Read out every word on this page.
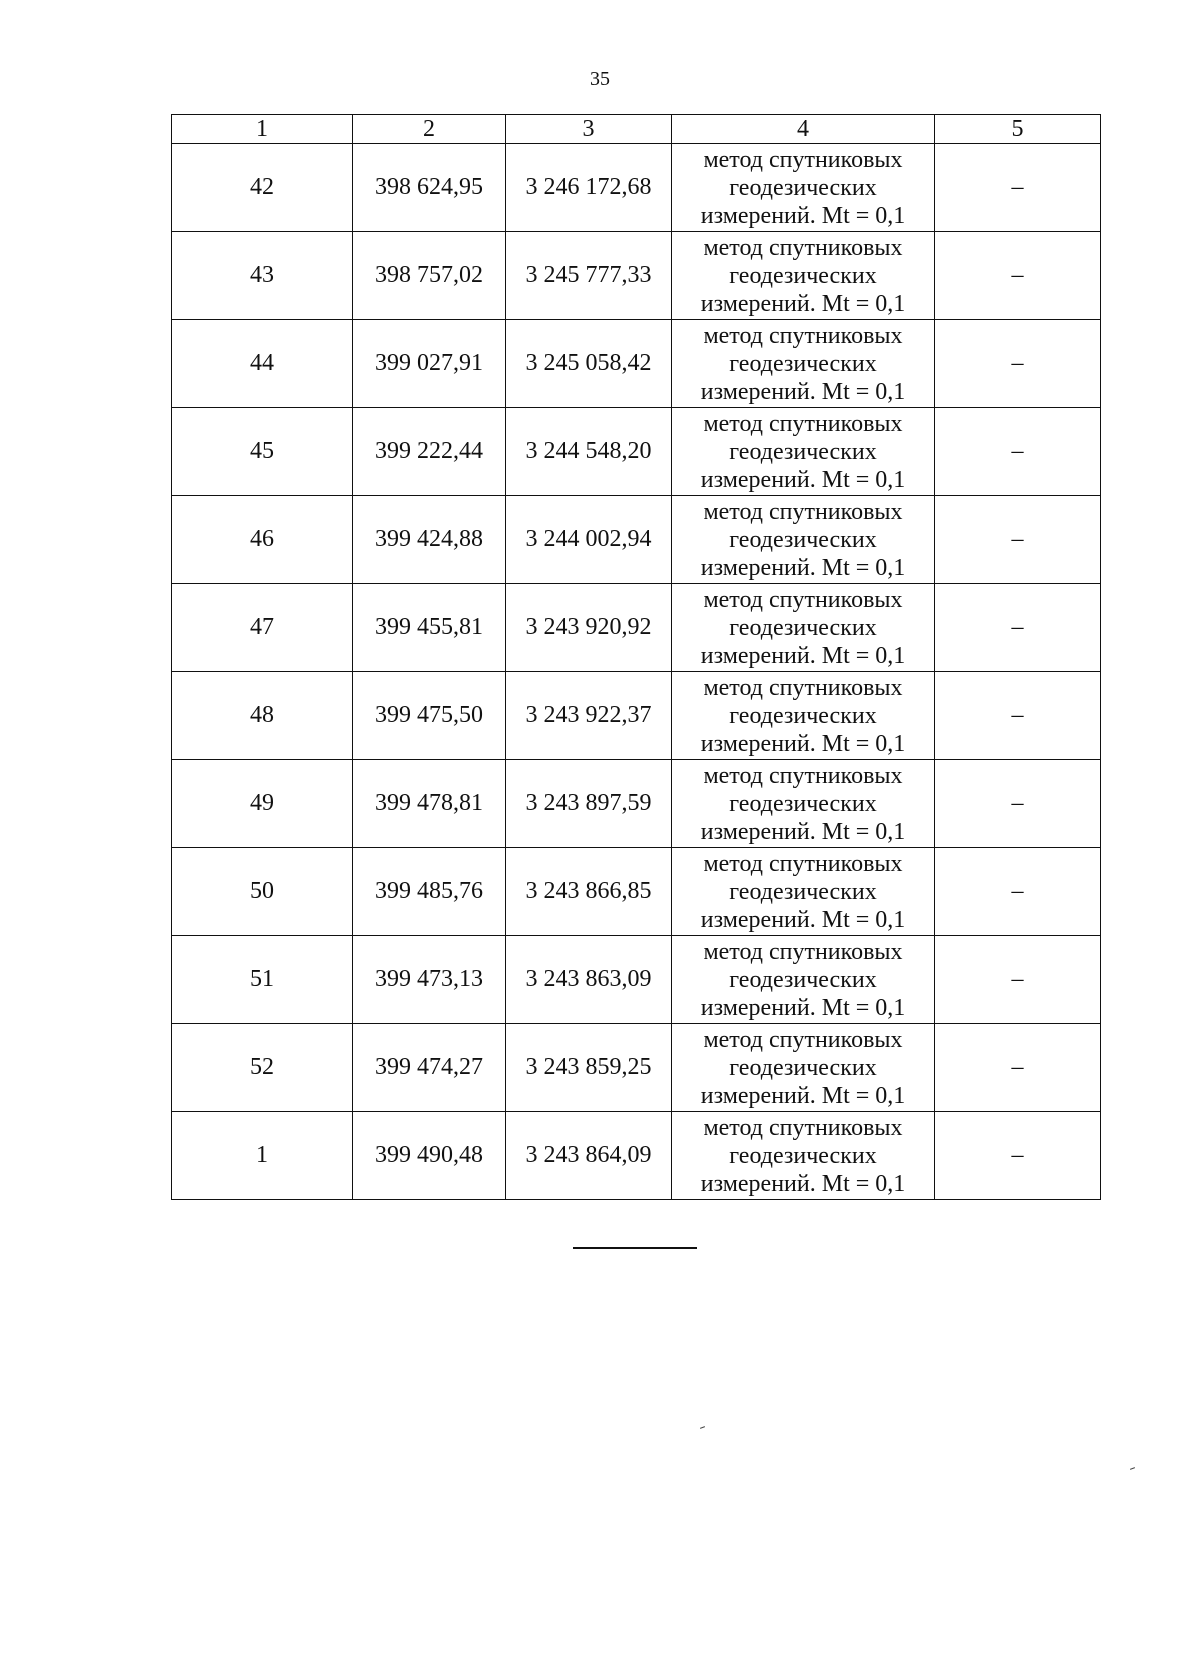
35
1	2	3	4	5
42	398 624,95	3 246 172,68	метод спутниковых геодезических измерений. Mt = 0,1	–
43	398 757,02	3 245 777,33	метод спутниковых геодезических измерений. Mt = 0,1	–
44	399 027,91	3 245 058,42	метод спутниковых геодезических измерений. Mt = 0,1	–
45	399 222,44	3 244 548,20	метод спутниковых геодезических измерений. Mt = 0,1	–
46	399 424,88	3 244 002,94	метод спутниковых геодезических измерений. Mt = 0,1	–
47	399 455,81	3 243 920,92	метод спутниковых геодезических измерений. Mt = 0,1	–
48	399 475,50	3 243 922,37	метод спутниковых геодезических измерений. Mt = 0,1	–
49	399 478,81	3 243 897,59	метод спутниковых геодезических измерений. Mt = 0,1	–
50	399 485,76	3 243 866,85	метод спутниковых геодезических измерений. Mt = 0,1	–
51	399 473,13	3 243 863,09	метод спутниковых геодезических измерений. Mt = 0,1	–
52	399 474,27	3 243 859,25	метод спутниковых геодезических измерений. Mt = 0,1	–
1	399 490,48	3 243 864,09	метод спутниковых геодезических измерений. Mt = 0,1	–
